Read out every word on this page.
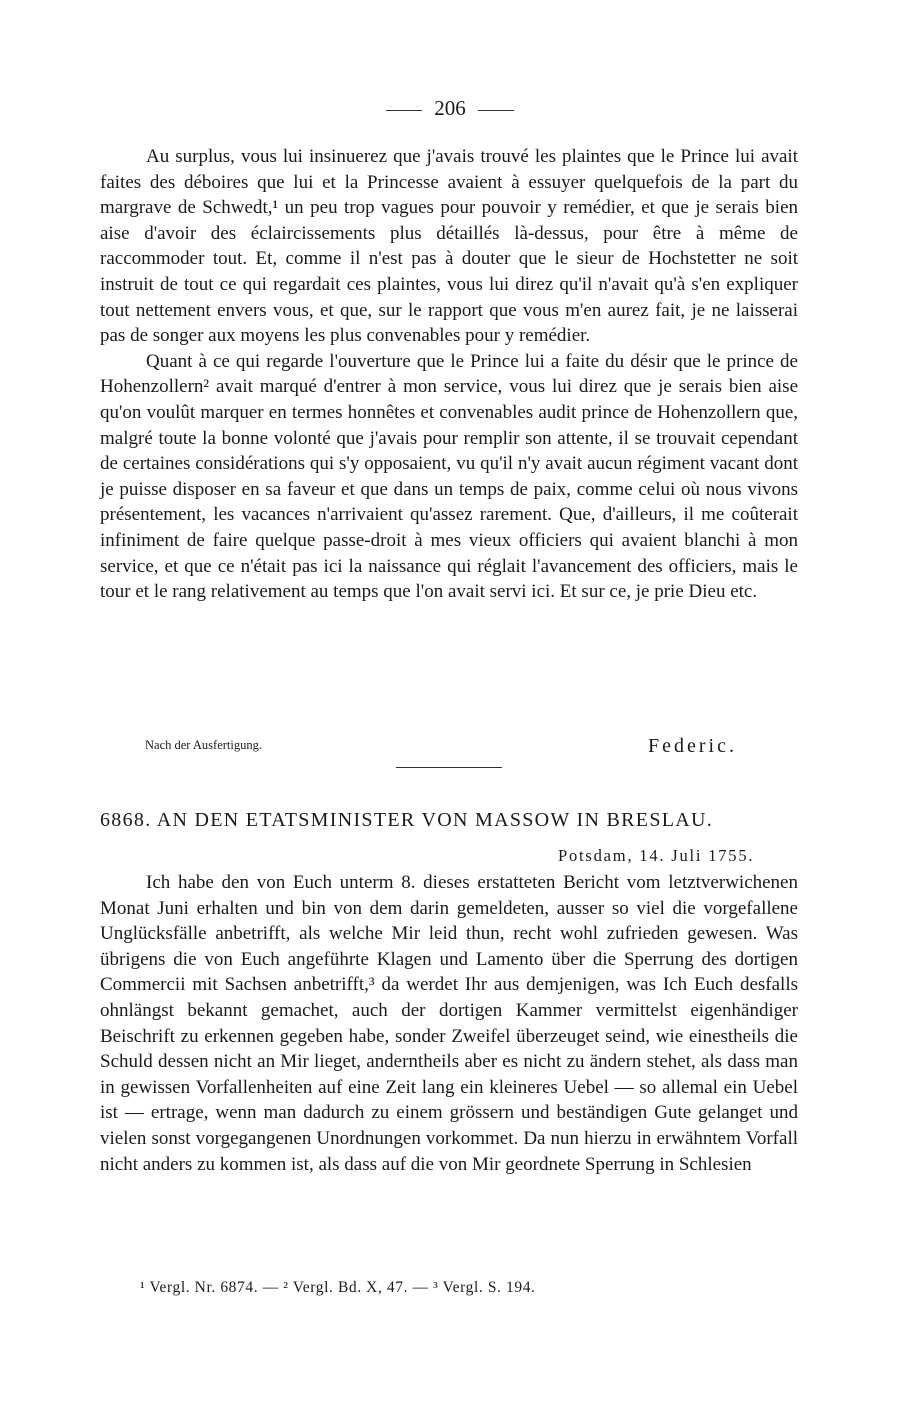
206

Au surplus, vous lui insinuerez que j'avais trouvé les plaintes que le Prince lui avait faites des déboires que lui et la Princesse avaient à essuyer quelquefois de la part du margrave de Schwedt,¹ un peu trop vagues pour pouvoir y remédier, et que je serais bien aise d'avoir des éclaircissements plus détaillés là-dessus, pour être à même de raccommoder tout. Et, comme il n'est pas à douter que le sieur de Hochstetter ne soit instruit de tout ce qui regardait ces plaintes, vous lui direz qu'il n'avait qu'à s'en expliquer tout nettement envers vous, et que, sur le rapport que vous m'en aurez fait, je ne laisserai pas de songer aux moyens les plus convenables pour y remédier.

Quant à ce qui regarde l'ouverture que le Prince lui a faite du désir que le prince de Hohenzollern² avait marqué d'entrer à mon service, vous lui direz que je serais bien aise qu'on voulût marquer en termes honnêtes et convenables audit prince de Hohenzollern que, malgré toute la bonne volonté que j'avais pour remplir son attente, il se trouvait cependant de certaines considérations qui s'y opposaient, vu qu'il n'y avait aucun régiment vacant dont je puisse disposer en sa faveur et que dans un temps de paix, comme celui où nous vivons présentement, les vacances n'arrivaient qu'assez rarement. Que, d'ailleurs, il me coûterait infiniment de faire quelque passe-droit à mes vieux officiers qui avaient blanchi à mon service, et que ce n'était pas ici la naissance qui réglait l'avancement des officiers, mais le tour et le rang relativement au temps que l'on avait servi ici. Et sur ce, je prie Dieu etc.

Nach der Ausfertigung.	Federic.
6868. AN DEN ETATSMINISTER VON MASSOW IN BRESLAU.
Potsdam, 14. Juli 1755.

Ich habe den von Euch unterm 8. dieses erstatteten Bericht vom letztverwichenen Monat Juni erhalten und bin von dem darin gemeldeten, ausser so viel die vorgefallene Unglücksfälle anbetrifft, als welche Mir leid thun, recht wohl zufrieden gewesen. Was übrigens die von Euch angeführte Klagen und Lamento über die Sperrung des dortigen Commercii mit Sachsen anbetrifft,³ da werdet Ihr aus demjenigen, was Ich Euch desfalls ohnlängst bekannt gemachet, auch der dortigen Kammer vermittelst eigenhändiger Beischrift zu erkennen gegeben habe, sonder Zweifel überzeuget seind, wie einestheils die Schuld dessen nicht an Mir lieget, anderntheils aber es nicht zu ändern stehet, als dass man in gewissen Vorfallenheiten auf eine Zeit lang ein kleineres Uebel — so allemal ein Uebel ist — ertrage, wenn man dadurch zu einem grössern und beständigen Gute gelanget und vielen sonst vorgegangenen Unordnungen vorkommet. Da nun hierzu in erwähntem Vorfall nicht anders zu kommen ist, als dass auf die von Mir geordnete Sperrung in Schlesien

¹ Vergl. Nr. 6874. — ² Vergl. Bd. X, 47. — ³ Vergl. S. 194.
